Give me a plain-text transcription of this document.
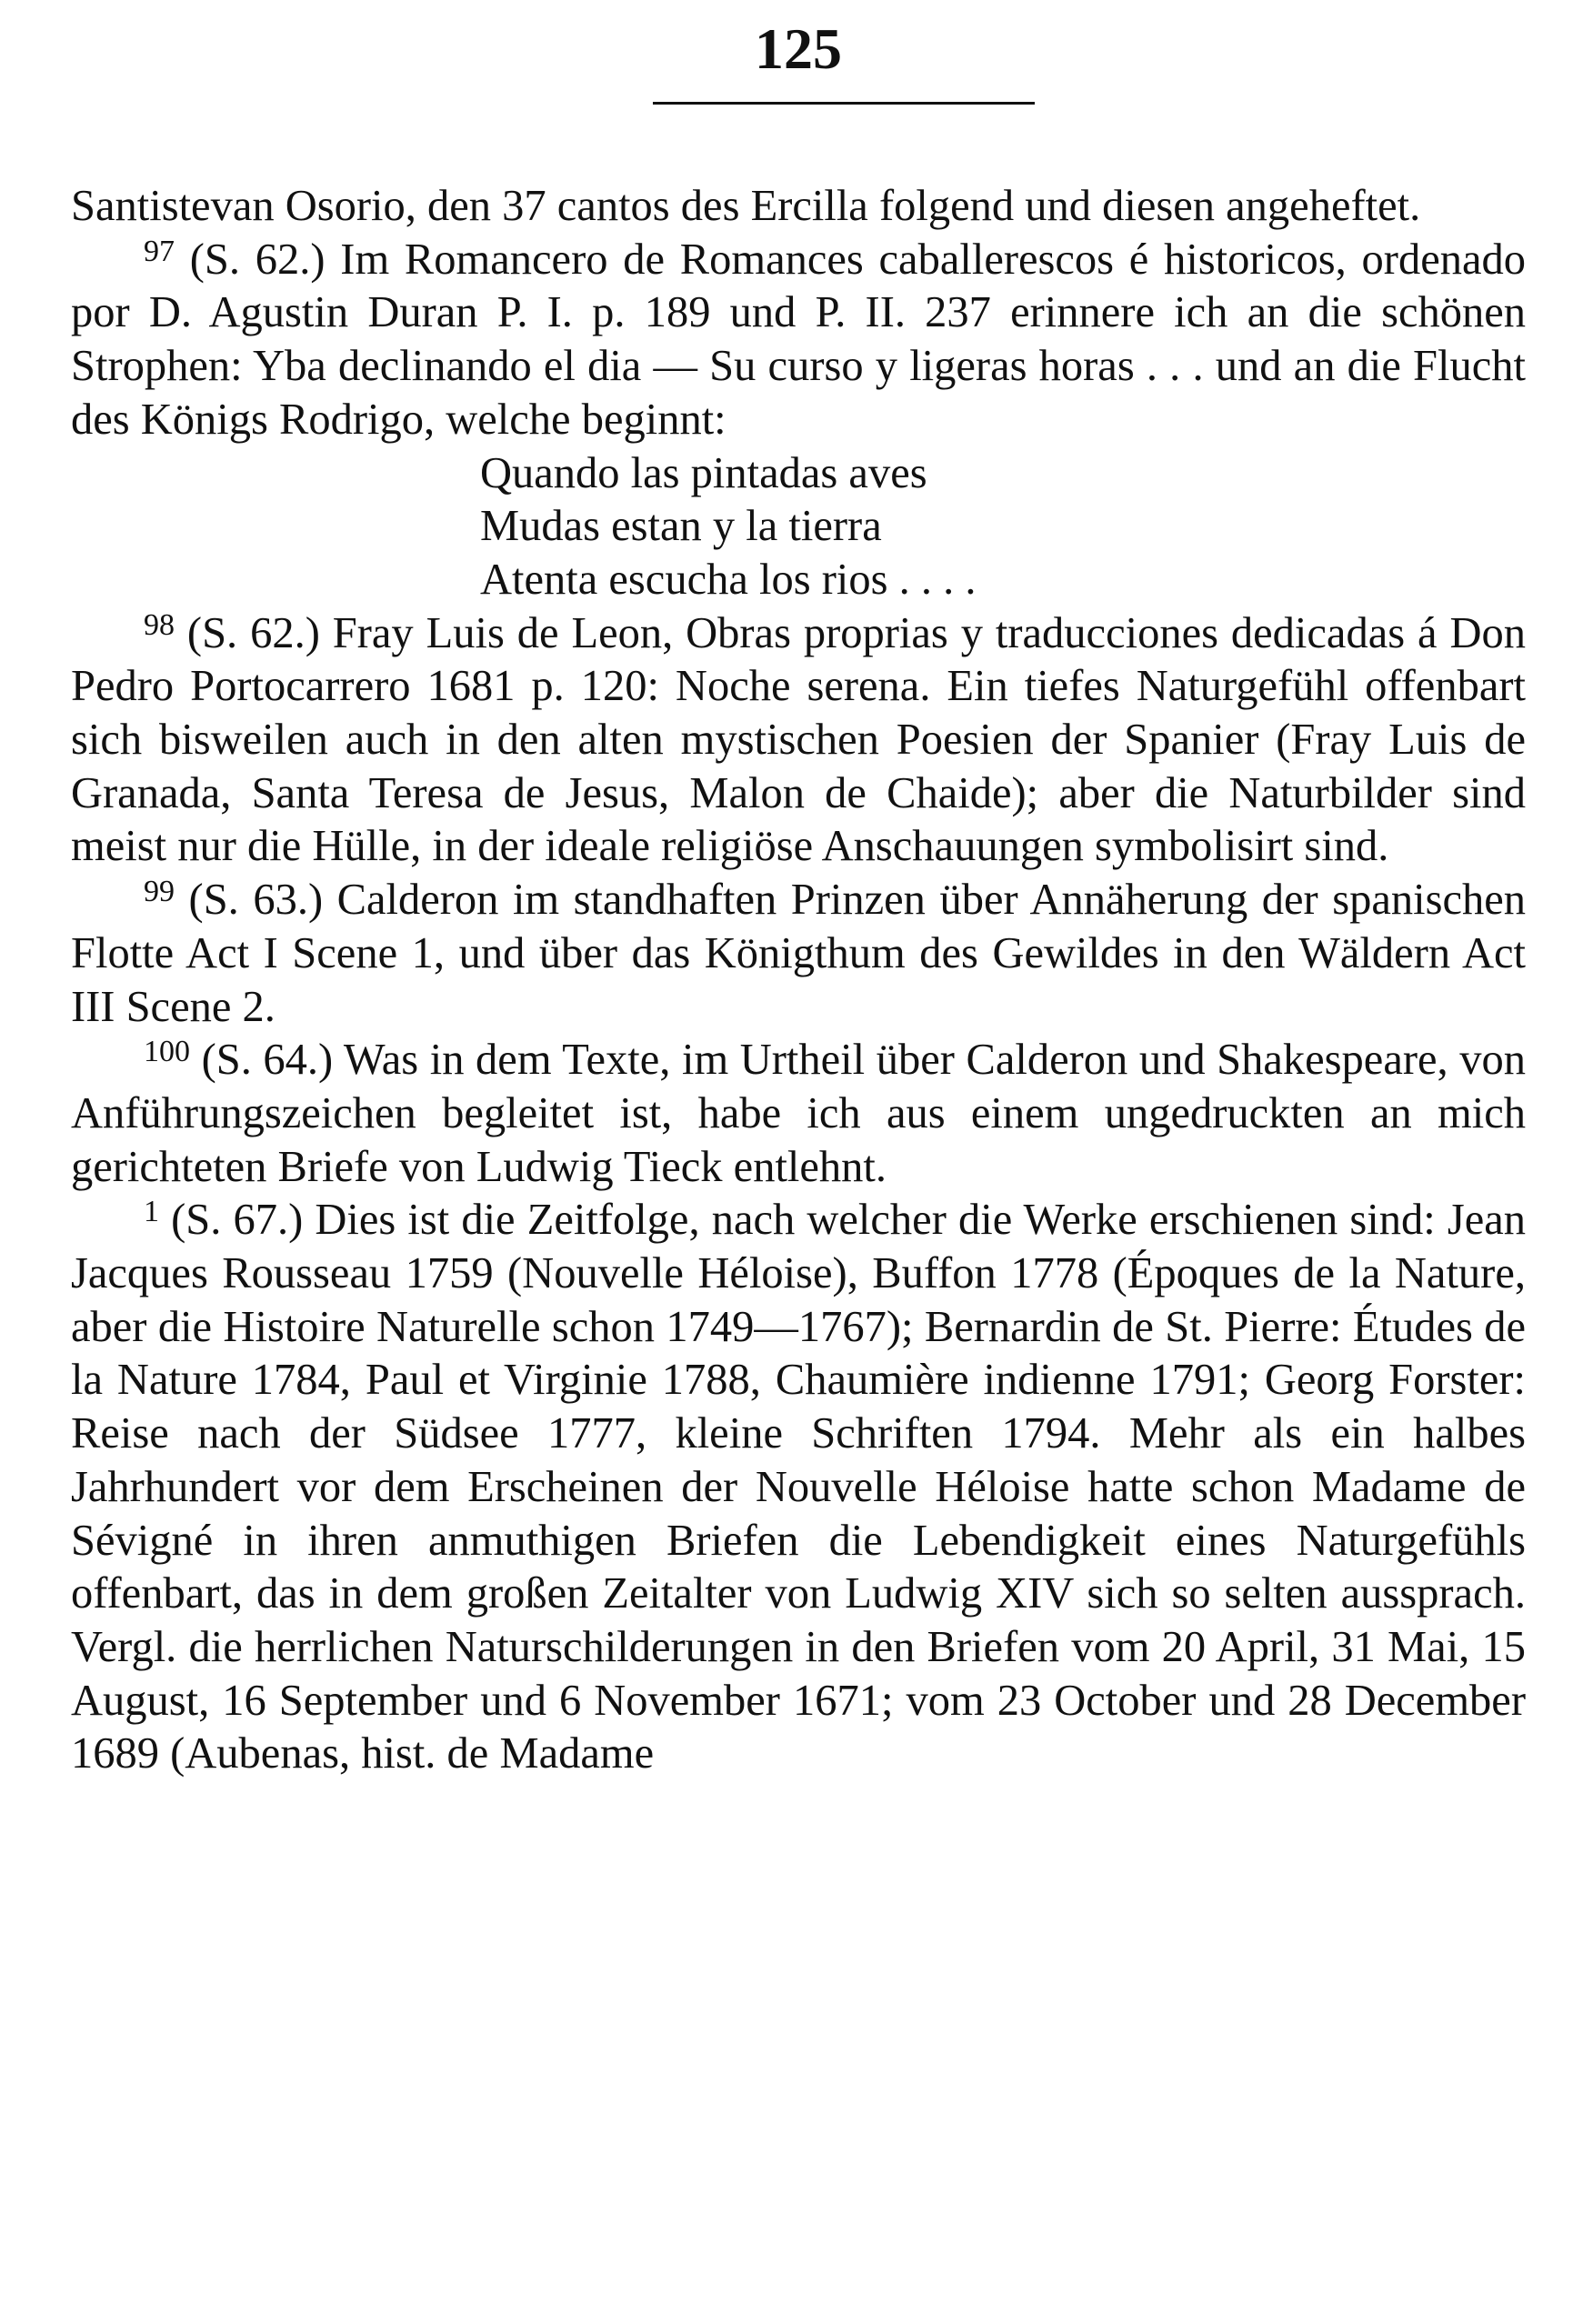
125

Santistevan Osorio, den 37 cantos des Ercilla folgend und diesen angeheftet.

$^{97}$ (S. 62.) Im Romancero de Romances caballerescos é historicos, ordenado por D. Agustin Duran P. I. p. 189 und P. II. 237 erinnere ich an die schönen Strophen: Yba declinando el dia — Su curso y ligeras horas . . . und an die Flucht des Königs Rodrigo, welche beginnt:

Quando las pintadas aves
Mudas estan y la tierra
Atenta escucha los rios . . . .

$^{98}$ (S. 62.) Fray Luis de Leon, Obras proprias y traducciones dedicadas á Don Pedro Portocarrero 1681 p. 120: Noche serena. Ein tiefes Naturgefühl offenbart sich bisweilen auch in den alten mystischen Poesien der Spanier (Fray Luis de Granada, Santa Teresa de Jesus, Malon de Chaide); aber die Naturbilder sind meist nur die Hülle, in der ideale religiöse Anschauungen symbolisirt sind.

$^{99}$ (S. 63.) Calderon im standhaften Prinzen über Annäherung der spanischen Flotte Act I Scene 1, und über das Königthum des Gewildes in den Wäldern Act III Scene 2.

$^{100}$ (S. 64.) Was in dem Texte, im Urtheil über Calderon und Shakespeare, von Anführungszeichen begleitet ist, habe ich aus einem ungedruckten an mich gerichteten Briefe von Ludwig Tieck entlehnt.

$^1$ (S. 67.) Dies ist die Zeitfolge, nach welcher die Werke erschienen sind: Jean Jacques Rousseau 1759 (Nouvelle Héloise), Buffon 1778 (Époques de la Nature, aber die Histoire Naturelle schon 1749—1767); Bernardin de St. Pierre: Études de la Nature 1784, Paul et Virginie 1788, Chaumière indienne 1791; Georg Forster: Reise nach der Südsee 1777, kleine Schriften 1794. Mehr als ein halbes Jahrhundert vor dem Erscheinen der Nouvelle Héloise hatte schon Madame de Sévigné in ihren anmuthigen Briefen die Lebendigkeit eines Naturgefühls offenbart, das in dem großen Zeitalter von Ludwig XIV sich so selten aussprach. Vergl. die herrlichen Naturschilderungen in den Briefen vom 20 April, 31 Mai, 15 August, 16 September und 6 November 1671; vom 23 October und 28 December 1689 (Aubenas, hist. de Madame
